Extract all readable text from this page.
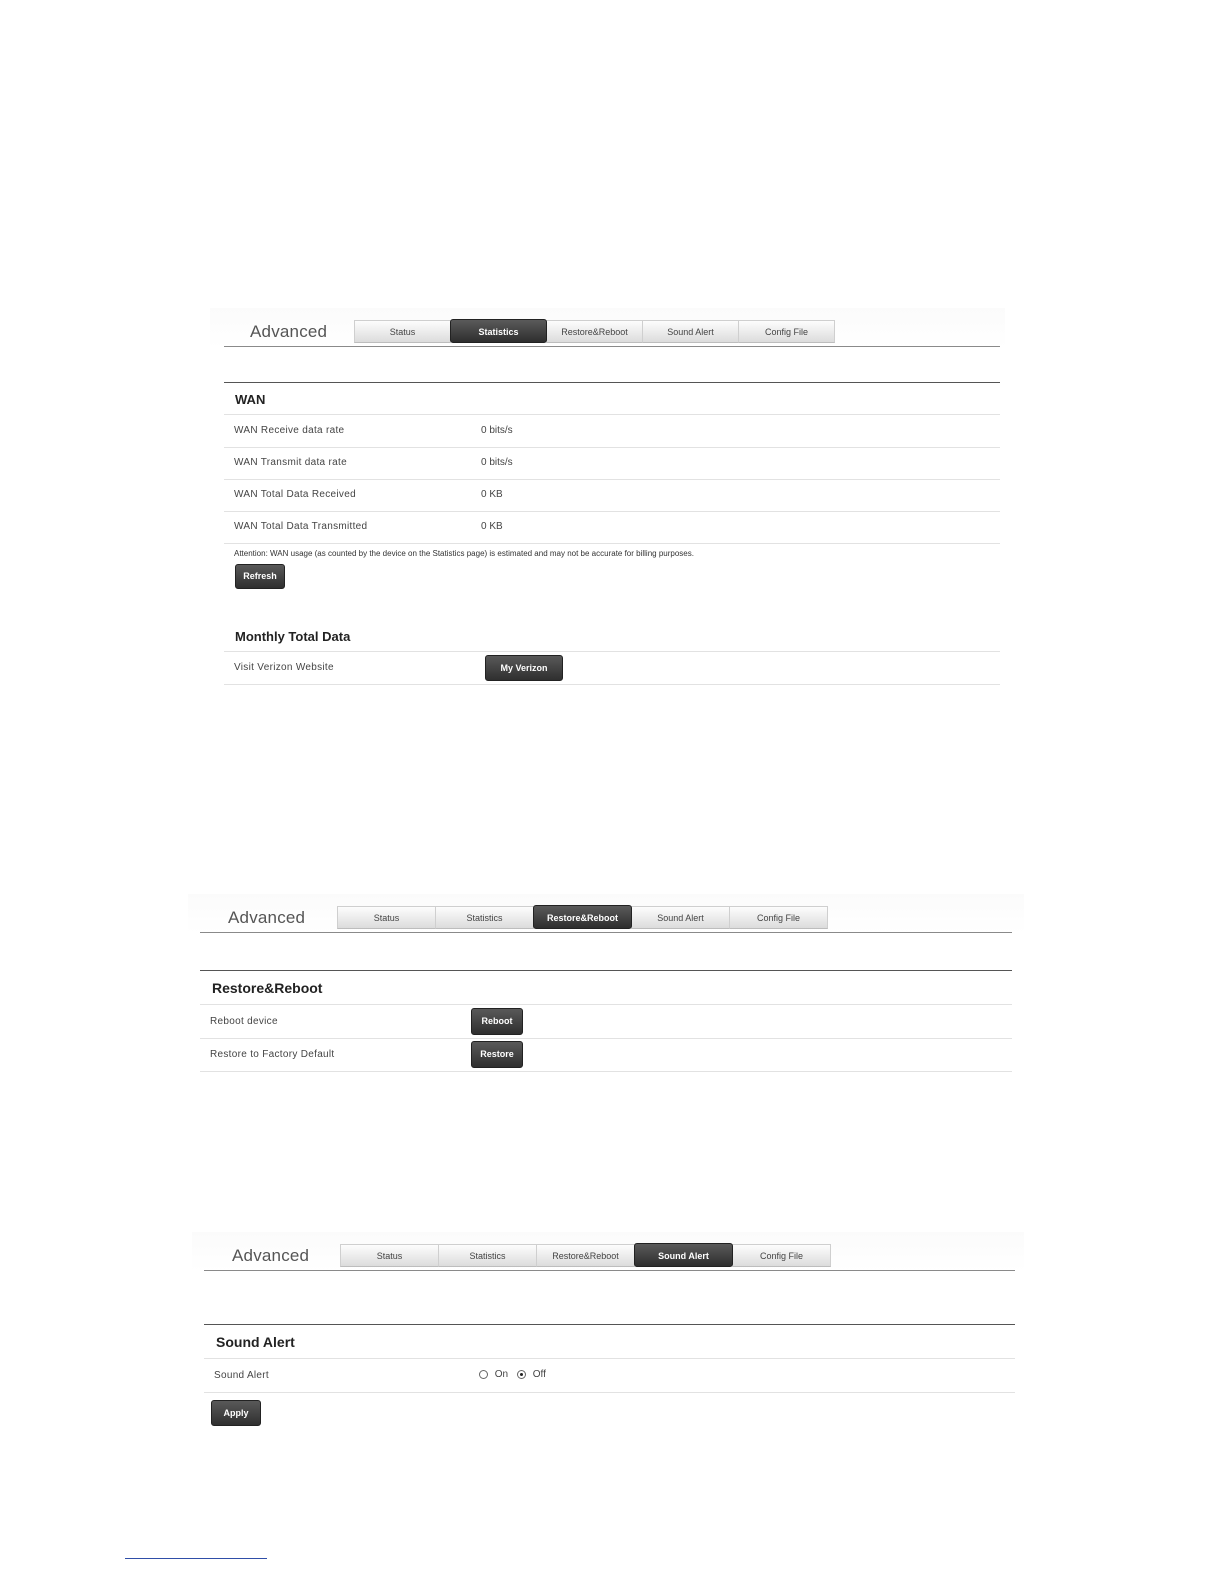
Advanced	Status	Statistics	Restore&Reboot	Sound Alert	Config File
WAN
WAN Receive data rate	0 bits/s
WAN Transmit data rate	0 bits/s
WAN Total Data Received	0 KB
WAN Total Data Transmitted	0 KB
Attention: WAN usage (as counted by the device on the Statistics page) is estimated and may not be accurate for billing purposes.
Refresh
Monthly Total Data
Visit Verizon Website	My Verizon
Advanced	Status	Statistics	Restore&Reboot	Sound Alert	Config File
Restore&Reboot
Reboot device	Reboot
Restore to Factory Default	Restore
Advanced	Status	Statistics	Restore&Reboot	Sound Alert	Config File
Sound Alert
Sound Alert	On Off
Apply
